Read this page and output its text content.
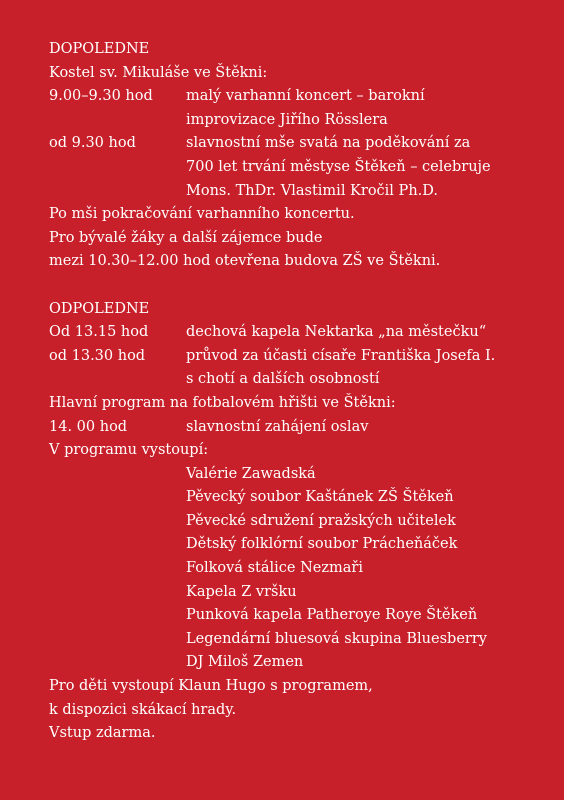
DOPOLEDNE
Kostel sv. Mikuláše ve Štěkni:
9.00–9.30 hod	malý varhanní koncert – barokní
improvizace Jiřího Rösslera
od 9.30 hod	slavnostní mše svatá na poděkování za
700 let trvání městyse Štěkeň – celebruje
Mons. ThDr. Vlastimil Kročil Ph.D.
Po mši pokračování varhanního koncertu.
Pro bývalé žáky a další zájemce bude
mezi 10.30–12.00 hod otevřena budova ZŠ ve Štěkni.
ODPOLEDNE
Od 13.15 hod	dechová kapela Nektarka „na městečku“
od 13.30 hod	průvod za účasti císaře Františka Josefa I.
s chotí a dalších osobností
Hlavní program na fotbalovém hřišti ve Štěkni:
14. 00 hod	slavnostní zahájení oslav
V programu vystoupí:
Valérie Zawadská
Pěvecký soubor Kaštánek ZŠ Štěkeň
Pěvecké sdružení pražských učitelek
Dětský folklórní soubor Prácheňáček
Folková stálice Nezmaři
Kapela Z vršku
Punková kapela Patheroye Roye Štěkeň
Legendární bluesová skupina Bluesberry
DJ Miloš Zemen
Pro děti vystoupí Klaun Hugo s programem,
k dispozici skákací hrady.
Vstup zdarma.
